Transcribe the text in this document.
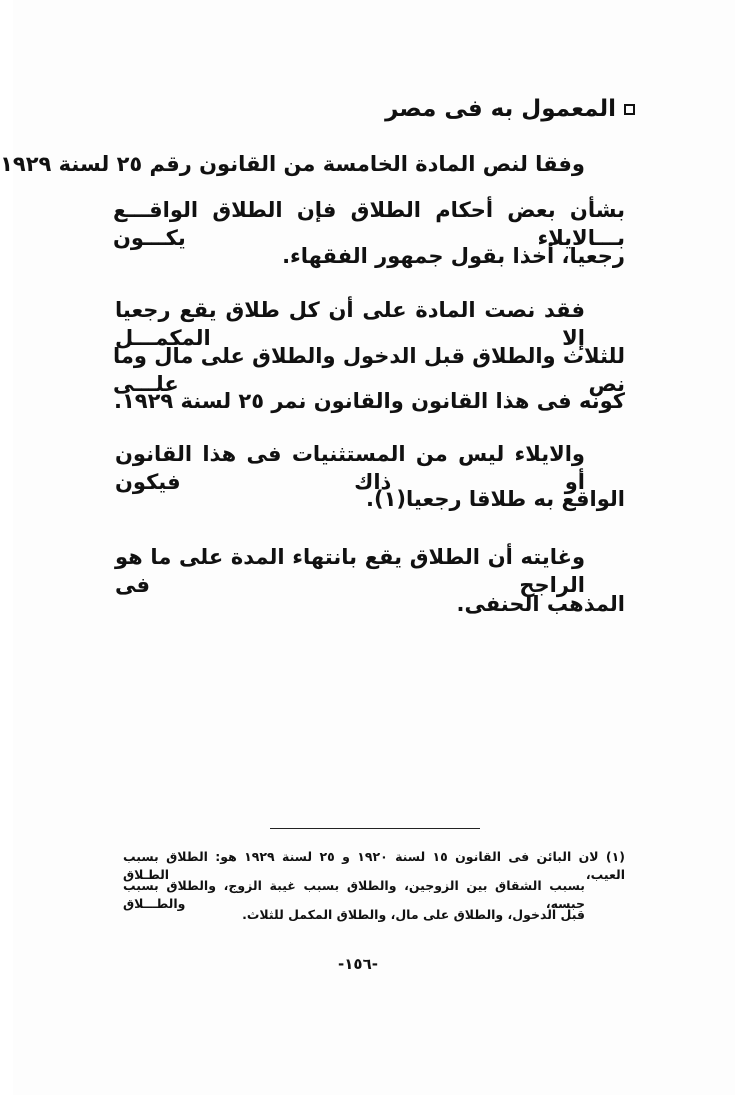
المعمول به فى مصر
وفقا لنص المادة الخامسة من القانون رقم ٢٥ لسنة ١٩٢٩
بشأن بعض أحكام الطلاق فإن الطلاق الواقـــع بـــالايلاء يكـــون
رجعيا، أخذا بقول جمهور الفقهاء.
فقد نصت المادة على أن كل طلاق يقع رجعيا إلا المكمـــل
للثلاث والطلاق قبل الدخول والطلاق على مال وما نص علـــى
كونه فى هذا القانون والقانون نمر ٢٥ لسنة ١٩٢٩.
والايلاء ليس من المستثنيات فى هذا القانون أو ذاك فيكون
الواقع به طلاقا رجعيا(١).
وغايته أن الطلاق يقع بانتهاء المدة على ما هو الراجح فى
المذهب الحنفى.
(١) لان البائن فى القانون ١٥ لسنة ١٩٢٠ و ٢٥ لسنة ١٩٢٩ هو: الطلاق بسبب العيب، الطـلاق
بسبب الشقاق بين الزوجين، والطلاق بسبب غيبة الزوج، والطلاق بسبب حبسه، والطـــلاق
قبل الدخول، والطلاق على مال، والطلاق المكمل للثلاث.
-١٥٦-
